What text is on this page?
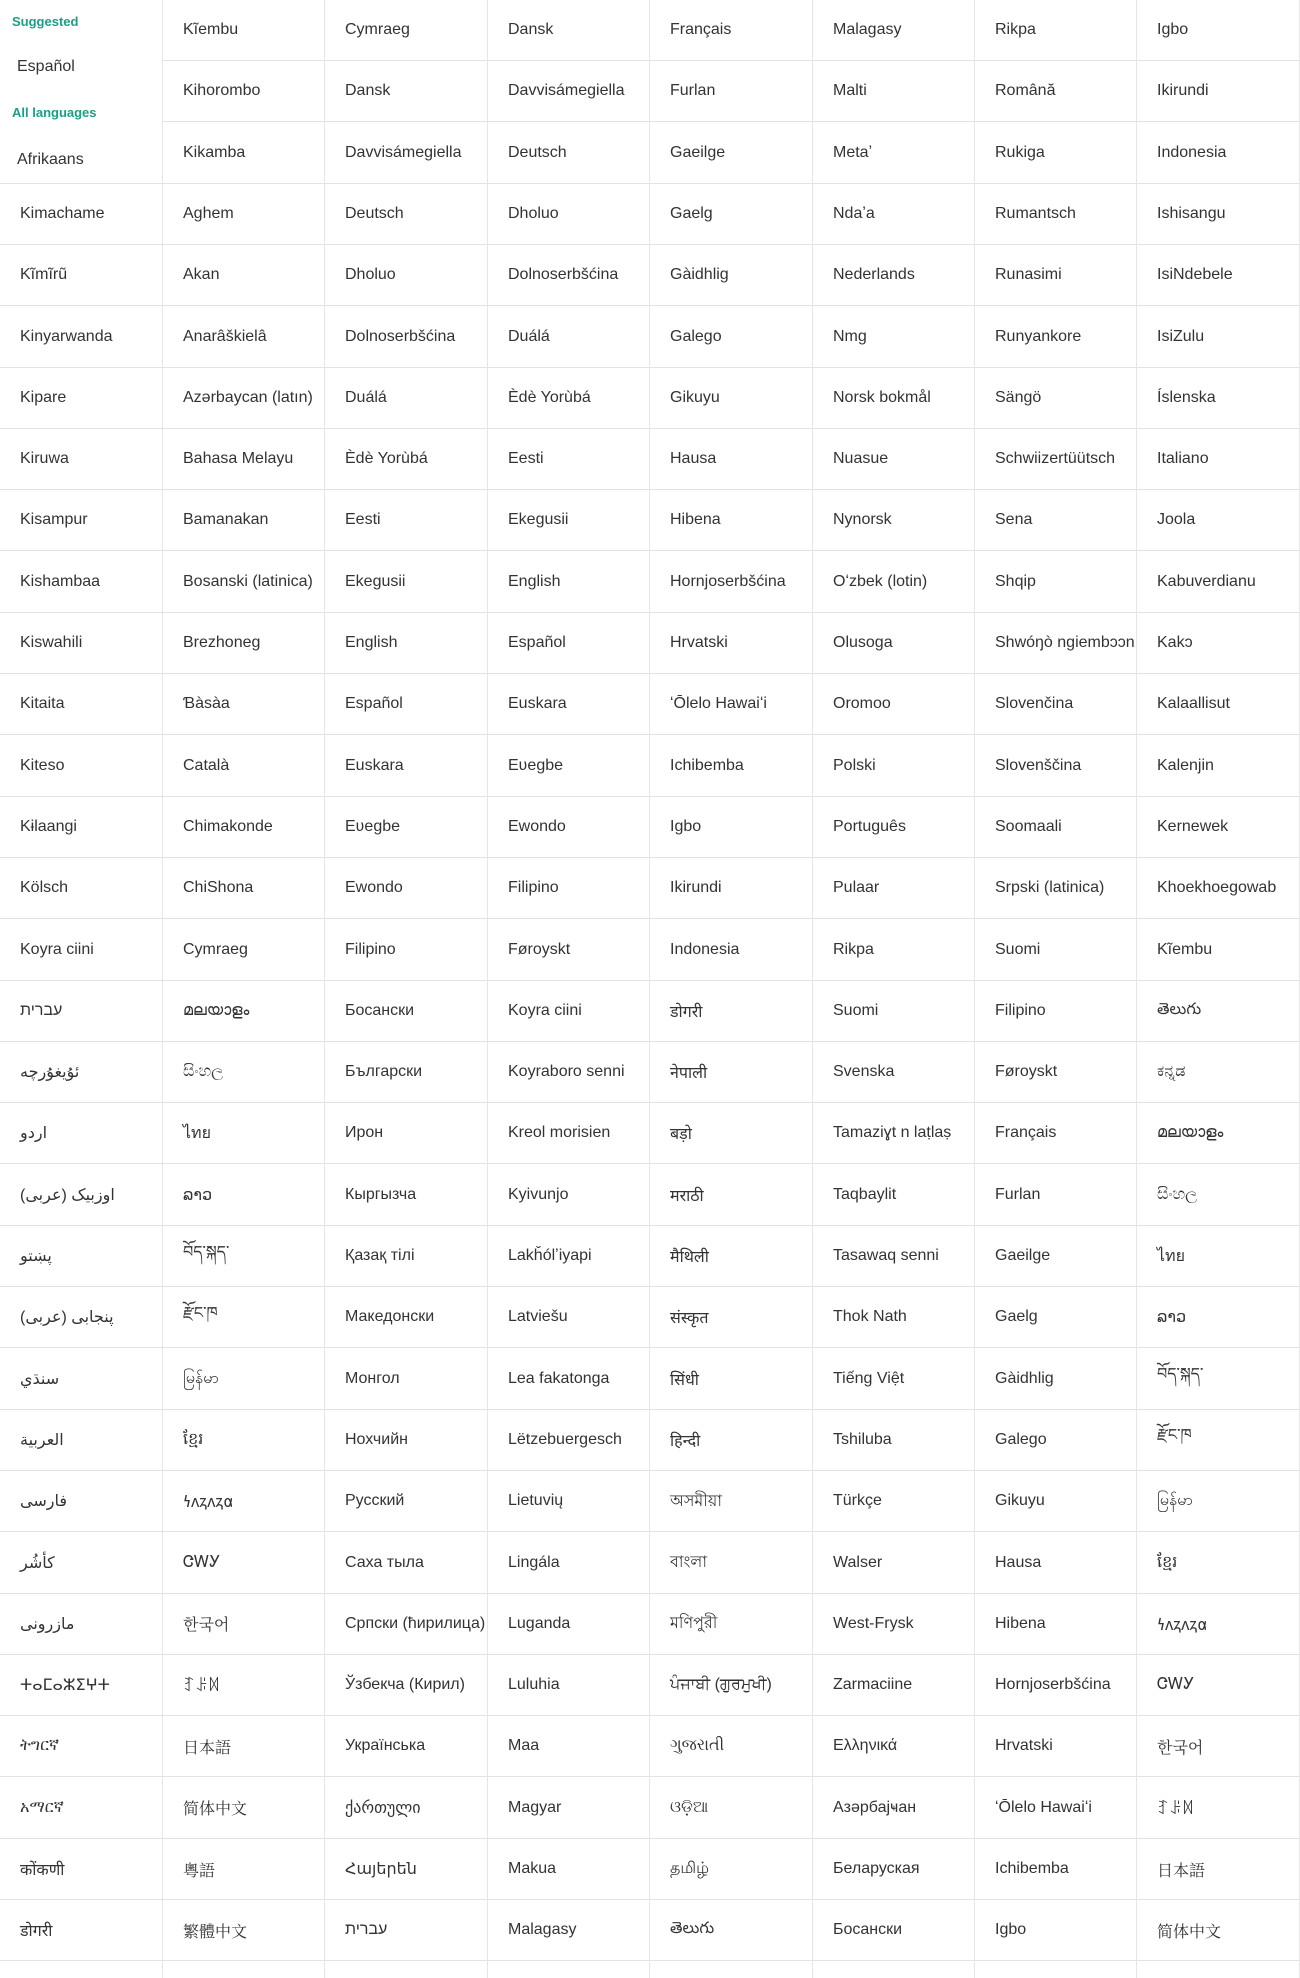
Suggested
Español
All languages
Afrikaans
Kimachame
Kĩmĩrũ
Kinyarwanda
Kipare
Kiruwa
Kisampur
Kishambaa
Kiswahili
Kitaita
Kiteso
Kɨlaangi
Kölsch
Koyra ciini
עברית
ئۇيغۇرچە
اردو
اوزبیک (عربی)
پښتو
پنجابی (عربی)
سنڌي
العربية
فارسی
کأشُر
مازرونی
ⵜⴰⵎⴰⵣⵉⵖⵜ
ትግርኛ
አማርኛ
कोंकणी
डोगरी
Kĩembu
Kihorombo
Kikamba
Aghem
Akan
Anarâškielâ
Azərbaycan (latın)
Bahasa Melayu
Bamanakan
Bosanski (latinica)
Brezhoneg
Ɓàsàa
Català
Chimakonde
ChiShona
Cymraeg
മലയാളം
සිංහල
ไทย
ລາວ
བོད་སྐད་
རྫོང་ཁ
မြန်မာ
ខ្មែរ
𐓏𐓘𐓻𐓘𐓻𐓟
ᏣᎳᎩ
한국어
ꆈꌠꉙ
日本語
简体中文
粵語
繁體中文
Cymraeg
Dansk
Davvisámegiella
Deutsch
Dholuo
Dolnoserbšćina
Duálá
Èdè Yorùbá
Eesti
Ekegusii
English
Español
Euskara
Eʋegbe
Ewondo
Filipino
Босански
Български
Ирон
Кыргызча
Қазақ тілі
Македонски
Монгол
Нохчийн
Русский
Саха тыла
Српски (ћирилица)
Ўзбекча (Кирил)
Українська
ქართული
Հայերեն
עברית
Dansk
Davvisámegiella
Deutsch
Dholuo
Dolnoserbšćina
Duálá
Èdè Yorùbá
Eesti
Ekegusii
English
Español
Euskara
Eʋegbe
Ewondo
Filipino
Føroyskt
Koyra ciini
Koyraboro senni
Kreol morisien
Kyivunjo
Lakȟólʼiyapi
Latviešu
Lea fakatonga
Lëtzebuergesch
Lietuvių
Lingála
Luganda
Luluhia
Maa
Magyar
Makua
Malagasy
Français
Furlan
Gaeilge
Gaelg
Gàidhlig
Galego
Gikuyu
Hausa
Hibena
Hornjoserbšćina
Hrvatski
ʻŌlelo Hawaiʻi
Ichibemba
Igbo
Ikirundi
Indonesia
डोगरी
नेपाली
बड़ो
मराठी
मैथिली
संस्कृत
सिंधी
हिन्दी
অসমীয়া
বাংলা
মণিপুরী
ਪੰਜਾਬੀ (ਗੁਰਮੁਖੀ)
ગુજરાતી
ଓଡ଼ିଆ
தமிழ்
తెలుగు
Malagasy
Malti
Metaʼ
Ndaʼa
Nederlands
Nmg
Norsk bokmål
Nuasue
Nynorsk
Oʻzbek (lotin)
Olusoga
Oromoo
Polski
Português
Pulaar
Rikpa
Suomi
Svenska
Tamaziɣt n laṭlaṣ
Taqbaylit
Tasawaq senni
Thok Nath
Tiếng Việt
Tshiluba
Türkçe
Walser
West-Frysk
Zarmaciine
Ελληνικά
Азәрбајҹан
Беларуская
Босански
Rikpa
Română
Rukiga
Rumantsch
Runasimi
Runyankore
Sängö
Schwiizertüütsch
Sena
Shqip
Shwóŋò ngiembɔɔn
Slovenčina
Slovenščina
Soomaali
Srpski (latinica)
Suomi
Filipino
Føroyskt
Français
Furlan
Gaeilge
Gaelg
Gàidhlig
Galego
Gikuyu
Hausa
Hibena
Hornjoserbšćina
Hrvatski
ʻŌlelo Hawaiʻi
Ichibemba
Igbo
Igbo
Ikirundi
Indonesia
Ishisangu
IsiNdebele
IsiZulu
Íslenska
Italiano
Joola
Kabuverdianu
Kakɔ
Kalaallisut
Kalenjin
Kernewek
Khoekhoegowab
Kĩembu
తెలుగు
ಕನ್ನಡ
മലയാളം
සිංහල
ไทย
ລາວ
བོད་སྐད་
རྫོང་ཁ
မြန်မာ
ខ្មែរ
𐓏𐓘𐓻𐓘𐓻𐓟
ᏣᎳᎩ
한국어
ꆈꌠꉙ
日本語
简体中文
